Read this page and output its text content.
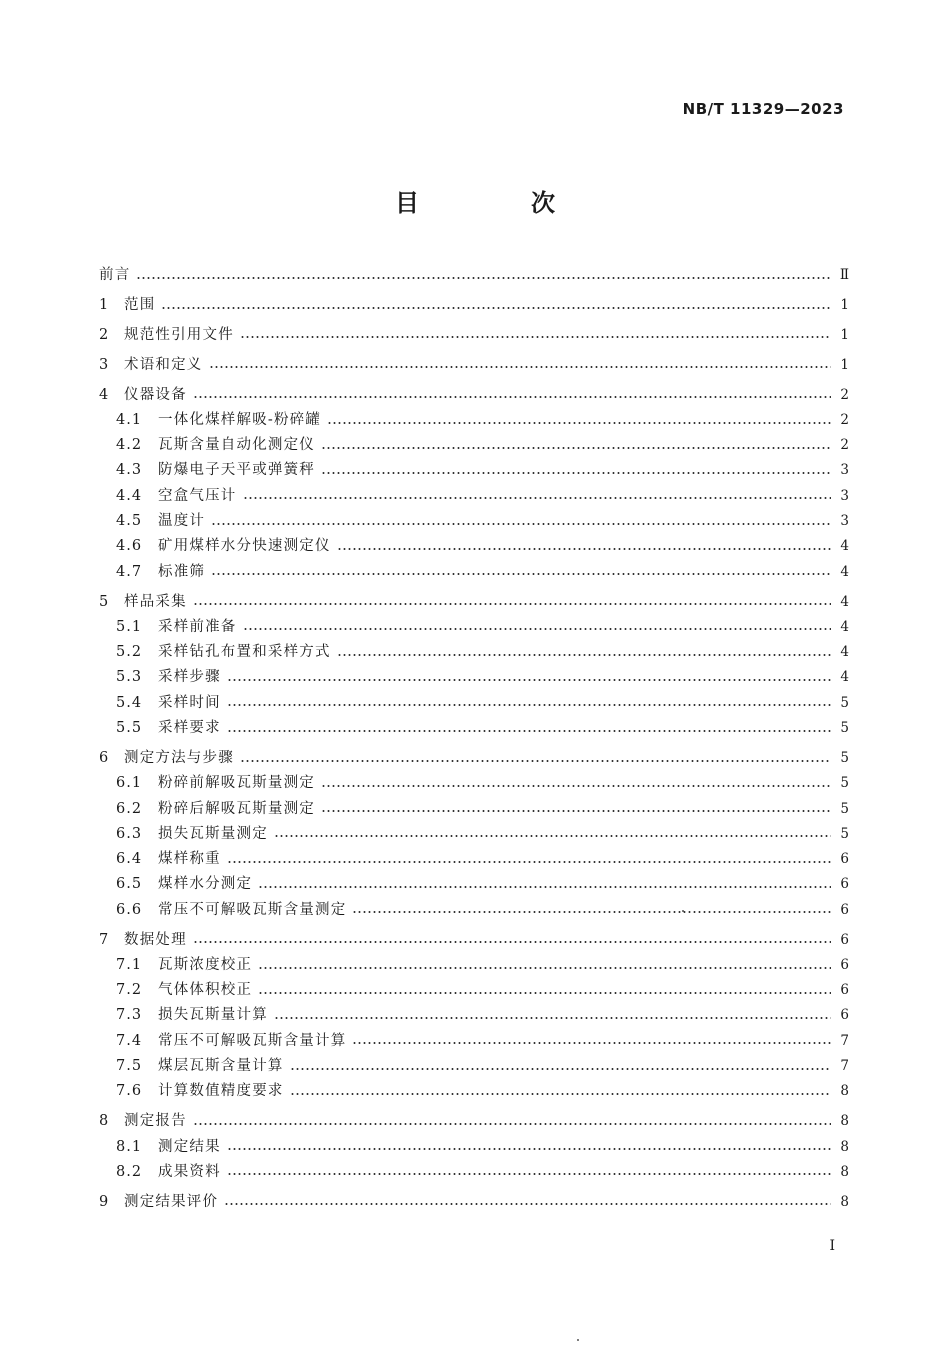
NB/T 11329—2023
目　次
前言	Ⅱ
1	范围	1
2	规范性引用文件	1
3	术语和定义	1
4	仪器设备	2
4.1	一体化煤样解吸-粉碎罐	2
4.2	瓦斯含量自动化测定仪	2
4.3	防爆电子天平或弹簧秤	3
4.4	空盒气压计	3
4.5	温度计	3
4.6	矿用煤样水分快速测定仪	4
4.7	标准筛	4
5	样品采集	4
5.1	采样前准备	4
5.2	采样钻孔布置和采样方式	4
5.3	采样步骤	4
5.4	采样时间	5
5.5	采样要求	5
6	测定方法与步骤	5
6.1	粉碎前解吸瓦斯量测定	5
6.2	粉碎后解吸瓦斯量测定	5
6.3	损失瓦斯量测定	5
6.4	煤样称重	6
6.5	煤样水分测定	6
6.6	常压不可解吸瓦斯含量测定	6
7	数据处理	6
7.1	瓦斯浓度校正	6
7.2	气体体积校正	6
7.3	损失瓦斯量计算	6
7.4	常压不可解吸瓦斯含量计算	7
7.5	煤层瓦斯含量计算	7
7.6	计算数值精度要求	8
8	测定报告	8
8.1	测定结果	8
8.2	成果资料	8
9	测定结果评价	8
I
